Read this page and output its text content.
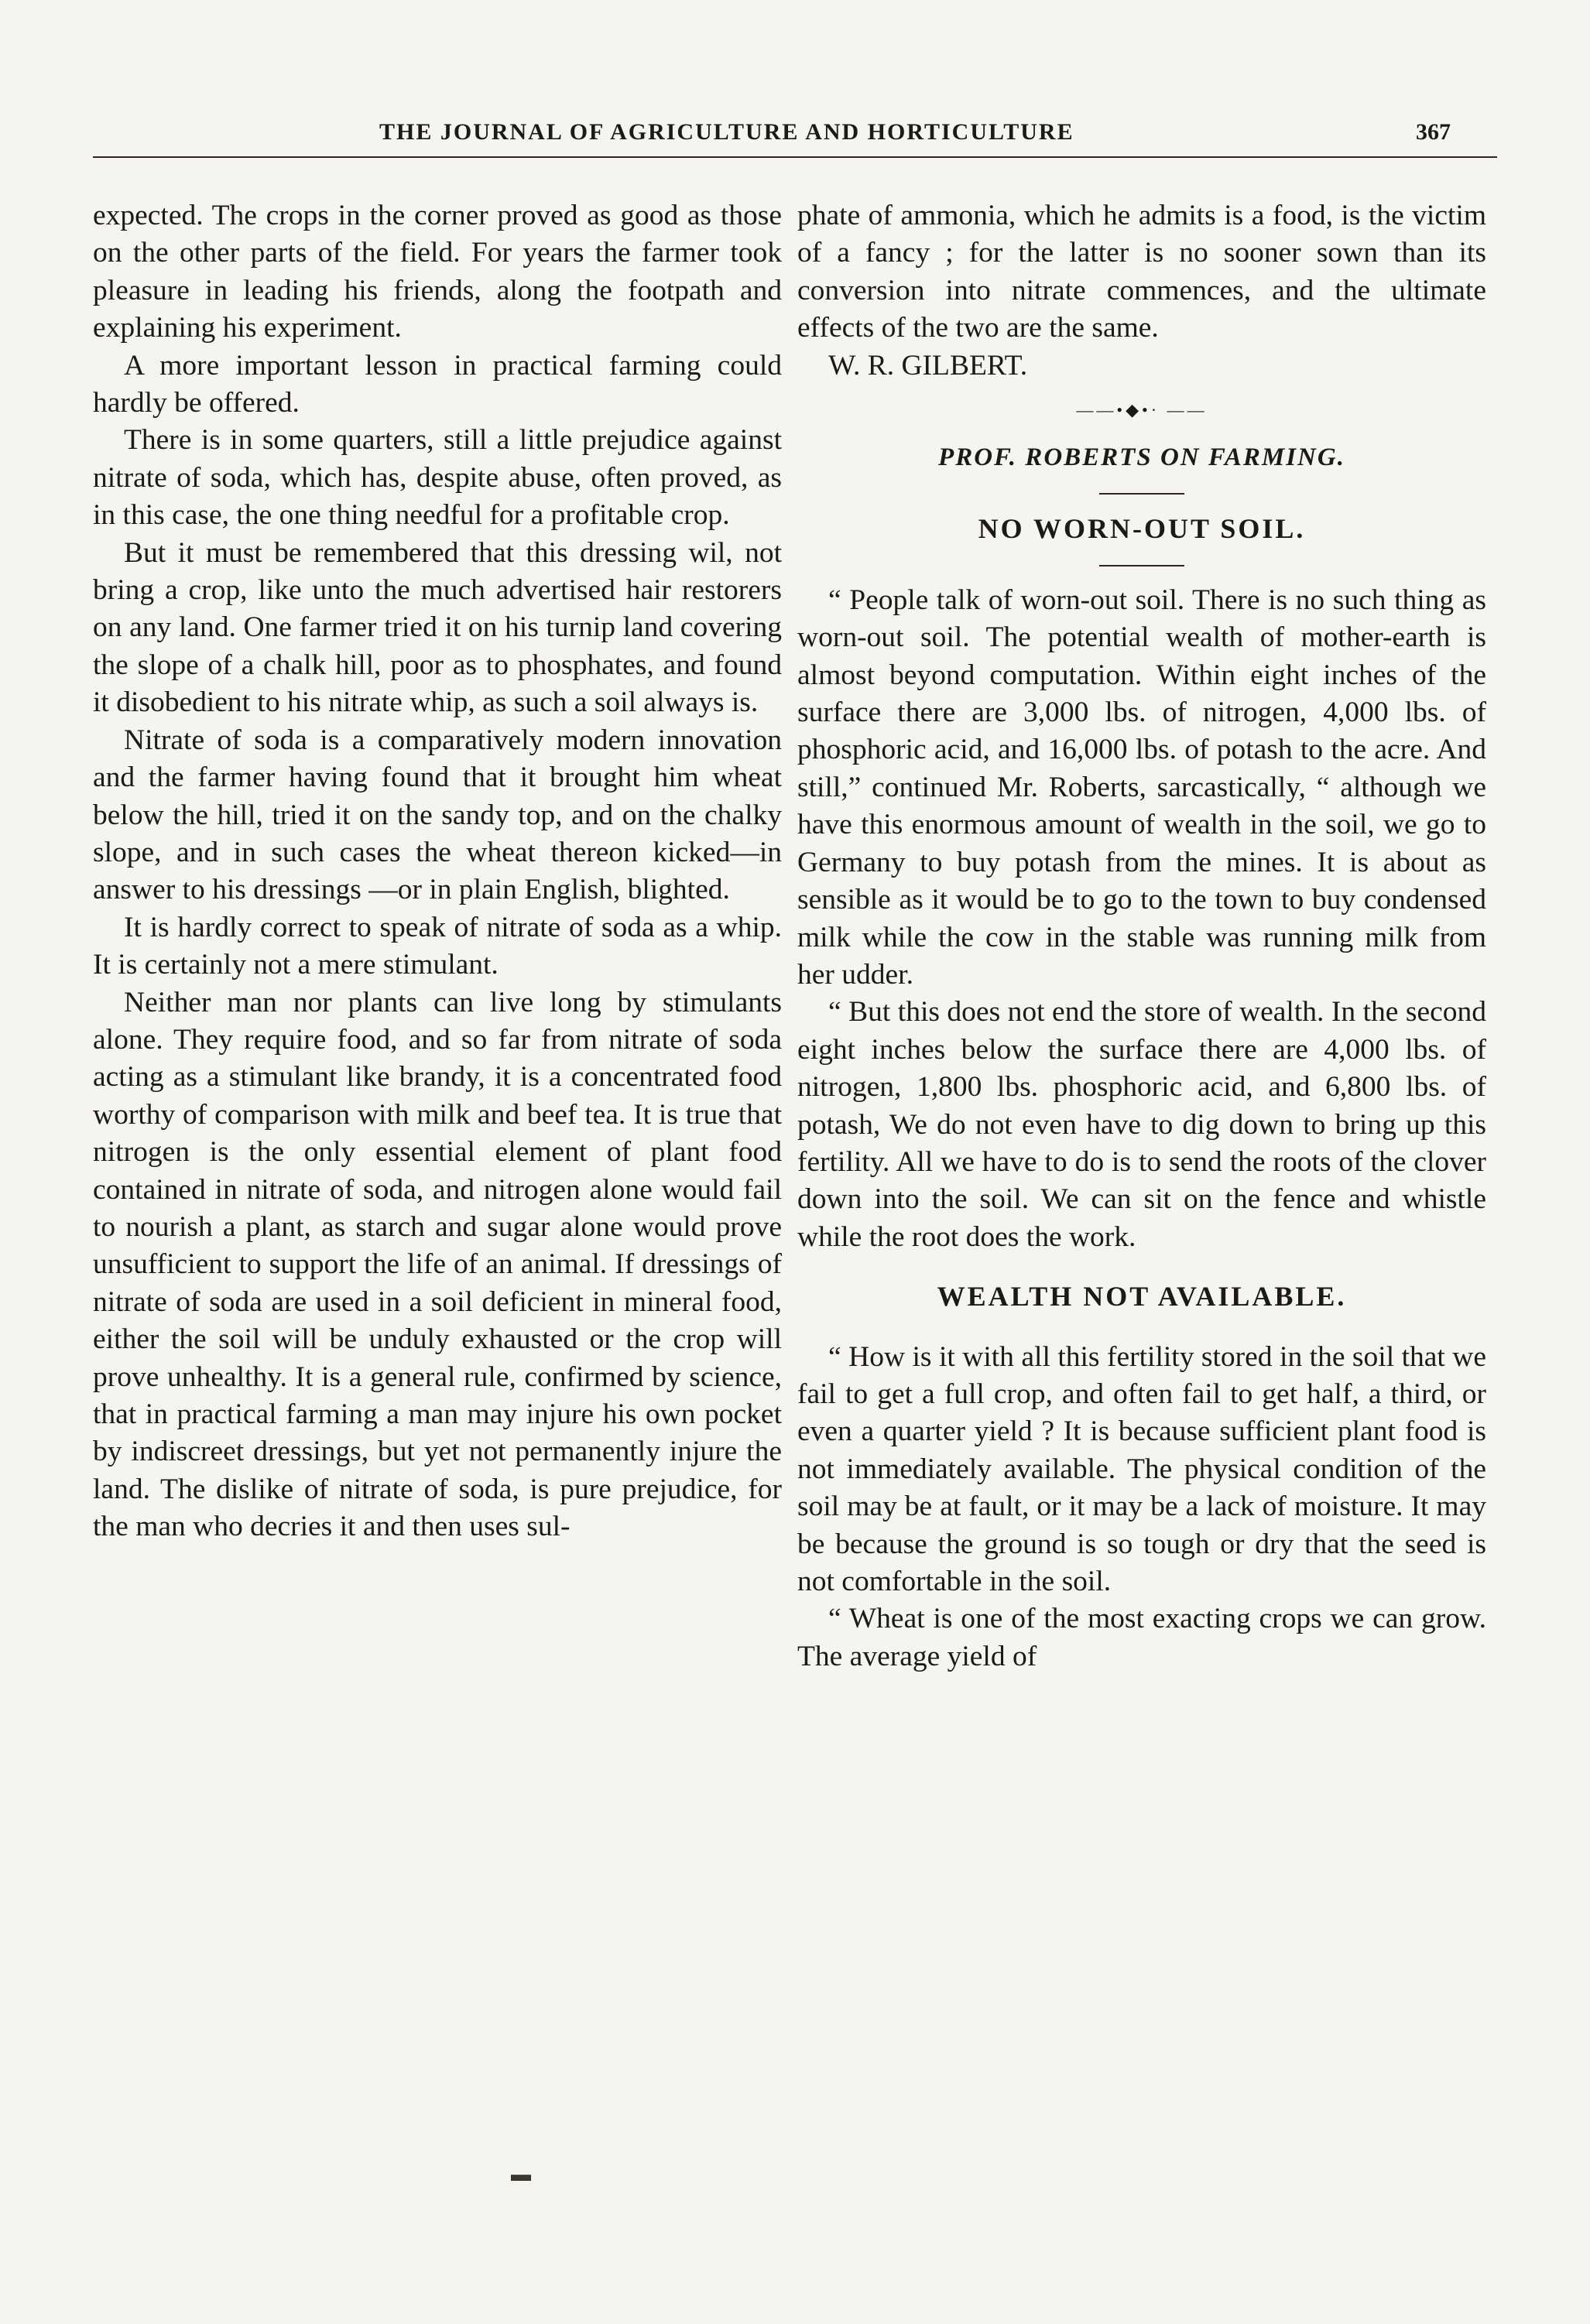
THE JOURNAL OF AGRICULTURE AND HORTICULTURE	367

expected. The crops in the corner proved as good as those on the other parts of the field. For years the farmer took pleasure in leading his friends, along the footpath and explaining his experiment.

A more important lesson in practical farming could hardly be offered.

There is in some quarters, still a little prejudice against nitrate of soda, which has, despite abuse, often proved, as in this case, the one thing needful for a profitable crop.

But it must be remembered that this dressing wil, not bring a crop, like unto the much advertised hair restorers on any land. One farmer tried it on his turnip land covering the slope of a chalk hill, poor as to phosphates, and found it disobedient to his nitrate whip, as such a soil always is.

Nitrate of soda is a comparatively modern innovation and the farmer having found that it brought him wheat below the hill, tried it on the sandy top, and on the chalky slope, and in such cases the wheat thereon kicked—in answer to his dressings —or in plain English, blighted.

It is hardly correct to speak of nitrate of soda as a whip. It is certainly not a mere stimulant.

Neither man nor plants can live long by stimulants alone. They require food, and so far from nitrate of soda acting as a stimulant like brandy, it is a concentrated food worthy of comparison with milk and beef tea. It is true that nitrogen is the only essential element of plant food contained in nitrate of soda, and nitrogen alone would fail to nourish a plant, as starch and sugar alone would prove unsufficient to support the life of an animal. If dressings of nitrate of soda are used in a soil deficient in mineral food, either the soil will be unduly exhausted or the crop will prove unhealthy. It is a general rule, confirmed by science, that in practical farming a man may injure his own pocket by indiscreet dressings, but yet not permanently injure the land. The dislike of nitrate of soda, is pure prejudice, for the man who decries it and then uses sul-

phate of ammonia, which he admits is a food, is the victim of a fancy ; for the latter is no sooner sown than its conversion into nitrate commences, and the ultimate effects of the two are the same.

W. R. GILBERT.

——•◆•· ——
PROF. ROBERTS ON FARMING.
NO WORN-OUT SOIL.

“ People talk of worn-out soil. There is no such thing as worn-out soil. The potential wealth of mother-earth is almost beyond computation. Within eight inches of the surface there are 3,000 lbs. of nitrogen, 4,000 lbs. of phosphoric acid, and 16,000 lbs. of potash to the acre. And still,” continued Mr. Roberts, sarcastically, “ although we have this enormous amount of wealth in the soil, we go to Germany to buy potash from the mines. It is about as sensible as it would be to go to the town to buy condensed milk while the cow in the stable was running milk from her udder.

“ But this does not end the store of wealth. In the second eight inches below the surface there are 4,000 lbs. of nitrogen, 1,800 lbs. phosphoric acid, and 6,800 lbs. of potash, We do not even have to dig down to bring up this fertility. All we have to do is to send the roots of the clover down into the soil. We can sit on the fence and whistle while the root does the work.

WEALTH NOT AVAILABLE.

“ How is it with all this fertility stored in the soil that we fail to get a full crop, and often fail to get half, a third, or even a quarter yield ? It is because sufficient plant food is not immediately available. The physical condition of the soil may be at fault, or it may be a lack of moisture. It may be because the ground is so tough or dry that the seed is not comfortable in the soil.

“ Wheat is one of the most exacting crops we can grow. The average yield of

▬
